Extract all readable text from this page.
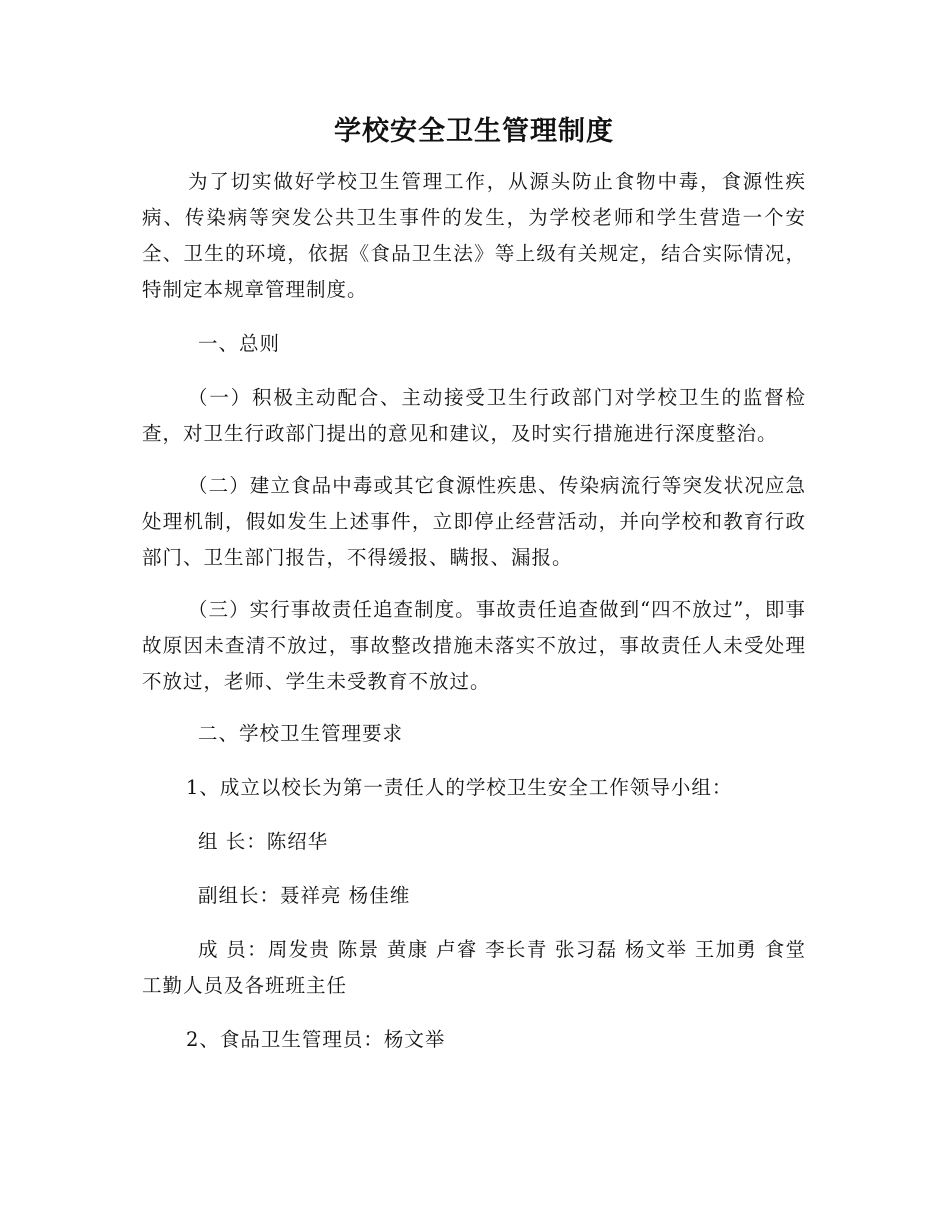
学校安全卫生管理制度

为了切实做好学校卫生管理工作，从源头防止食物中毒，食源性疾病、传染病等突发公共卫生事件的发生，为学校老师和学生营造一个安全、卫生的环境，依据《食品卫生法》等上级有关规定，结合实际情况，特制定本规章管理制度。

一、总则

（一）积极主动配合、主动接受卫生行政部门对学校卫生的监督检查，对卫生行政部门提出的意见和建议，及时实行措施进行深度整治。

（二）建立食品中毒或其它食源性疾患、传染病流行等突发状况应急处理机制，假如发生上述事件，立即停止经营活动，并向学校和教育行政部门、卫生部门报告，不得缓报、瞒报、漏报。

（三）实行事故责任追查制度。事故责任追查做到“四不放过”，即事故原因未查清不放过，事故整改措施未落实不放过，事故责任人未受处理不放过，老师、学生未受教育不放过。

二、学校卫生管理要求

1、成立以校长为第一责任人的学校卫生安全工作领导小组：

组 长：陈绍华

副组长：聂祥亮 杨佳维

成 员：周发贵 陈景 黄康 卢睿 李长青 张习磊 杨文举 王加勇 食堂工勤人员及各班班主任

2、食品卫生管理员：杨文举
